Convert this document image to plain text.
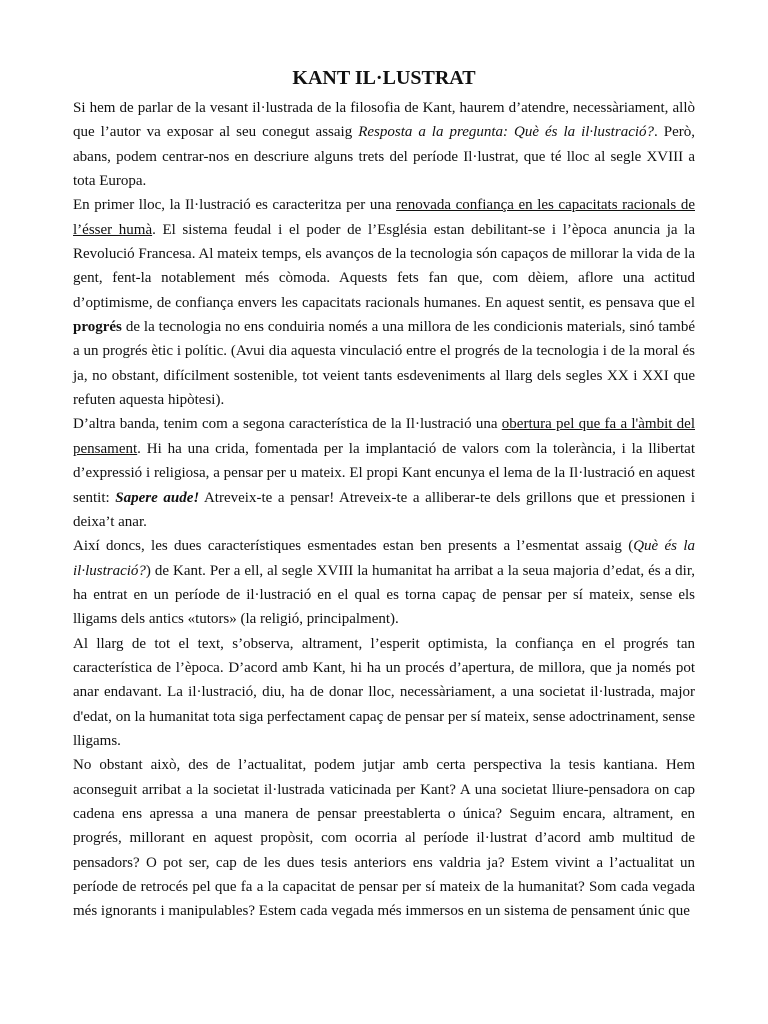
KANT IL·LUSTRAT

Si hem de parlar de la vesant il·lustrada de la filosofia de Kant, haurem d’atendre, necessàriament, allò que l’autor va exposar al seu conegut assaig Resposta a la pregunta: Què és la il·lustració?. Però, abans, podem centrar-nos en descriure alguns trets del període Il·lustrat, que té lloc al segle XVIII a tota Europa.

En primer lloc, la Il·lustració es caracteritza per una renovada confiança en les capacitats racionals de l’ésser humà. El sistema feudal i el poder de l’Església estan debilitant-se i l’època anuncia ja la Revolució Francesa. Al mateix temps, els avanços de la tecnologia són capaços de millorar la vida de la gent, fent-la notablement més còmoda. Aquests fets fan que, com dèiem, aflore una actitud d’optimisme, de confiança envers les capacitats racionals humanes. En aquest sentit, es pensava que el progrés de la tecnologia no ens conduiria només a una millora de les condicionis materials, sinó també a un progrés ètic i polític. (Avui dia aquesta vinculació entre el progrés de la tecnologia i de la moral és ja, no obstant, difícilment sostenible, tot veient tants esdeveniments al llarg dels segles XX i XXI que refuten aquesta hipòtesi).

D’altra banda, tenim com a segona característica de la Il·lustració una obertura pel que fa a l'àmbit del pensament. Hi ha una crida, fomentada per la implantació de valors com la tolerància, i la llibertat d’expressió i religiosa, a pensar per u mateix. El propi Kant encunya el lema de la Il·lustració en aquest sentit: Sapere aude! Atreveix-te a pensar! Atreveix-te a alliberar-te dels grillons que et pressionen i deixa’t anar.

Així doncs, les dues característiques esmentades estan ben presents a l’esmentat assaig (Què és la il·lustració?) de Kant. Per a ell, al segle XVIII la humanitat ha arribat a la seua majoria d’edat, és a dir, ha entrat en un període de il·lustració en el qual es torna capaç de pensar per sí mateix, sense els lligams dels antics «tutors» (la religió, principalment).

Al llarg de tot el text, s’observa, altrament, l’esperit optimista, la confiança en el progrés tan característica de l’època. D’acord amb Kant, hi ha un procés d’apertura, de millora, que ja només pot anar endavant. La il·lustració, diu, ha de donar lloc, necessàriament, a una societat il·lustrada, major d'edat, on la humanitat tota siga perfectament capaç de pensar per sí mateix, sense adoctrinament, sense lligams.

No obstant això, des de l’actualitat, podem jutjar amb certa perspectiva la tesis kantiana. Hem aconseguit arribat a la societat il·lustrada vaticinada per Kant? A una societat lliure-pensadora on cap cadena ens apressa a una manera de pensar preestablerta o única? Seguim encara, altrament, en progrés, millorant en aquest propòsit, com ocorria al període il·lustrat d’acord amb multitud de pensadors? O pot ser, cap de les dues tesis anteriors ens valdria ja? Estem vivint a l’actualitat un període de retrocés pel que fa a la capacitat de pensar per sí mateix de la humanitat? Som cada vegada més ignorants i manipulables? Estem cada vegada més immersos en un sistema de pensament únic que
